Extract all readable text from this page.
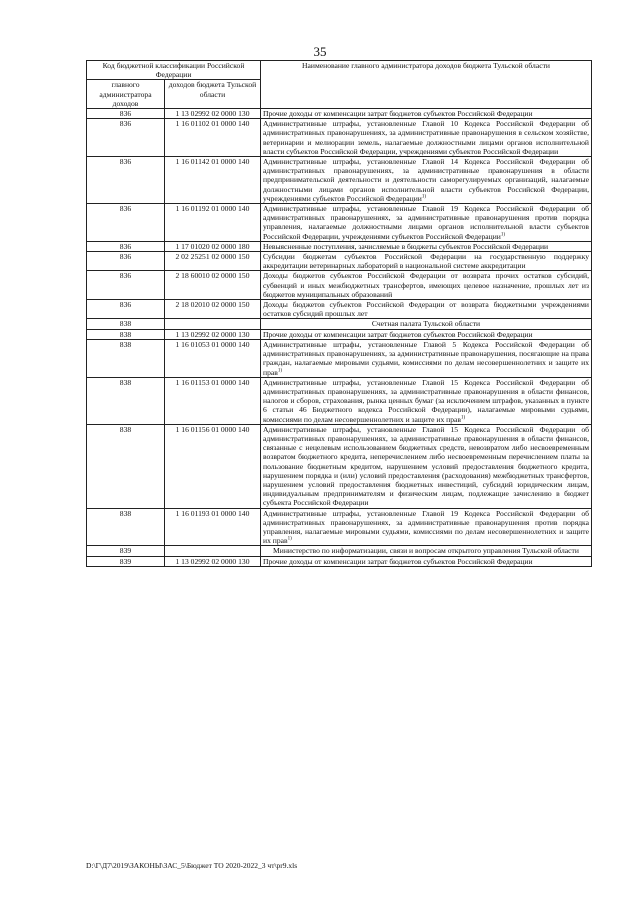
35
Код бюджетной классификации Российской Федерации		Наименование главного администратора доходов бюджета Тульской области
главного администратора доходов	доходов бюджета Тульской области	
836	1 13 02992 02 0000 130	Прочие доходы от компенсации затрат бюджетов субъектов Российской Федерации
836	1 16 01102 01 0000 140	Административные штрафы, установленные Главой 10 Кодекса Российской Федерации об административных правонарушениях, за административные правонарушения в сельском хозяйстве, ветеринарии и мелиорации земель, налагаемые должностными лицами органов исполнительной власти субъектов Российской Федерации, учреждениями субъектов Российской Федерации
836	1 16 01142 01 0000 140	Административные штрафы, установленные Главой 14 Кодекса Российской Федерации об административных правонарушениях, за административные правонарушения в области предпринимательской деятельности и деятельности саморегулируемых организаций, налагаемые должностными лицами органов исполнительной власти субъектов Российской Федерации, учреждениями субъектов Российской Федерации$^{1)}$
836	1 16 01192 01 0000 140	Административные штрафы, установленные Главой 19 Кодекса Российской Федерации об административных правонарушениях, за административные правонарушения против порядка управления, налагаемые должностными лицами органов исполнительной власти субъектов Российской Федерации, учреждениями субъектов Российской Федерации$^{1)}$
836	1 17 01020 02 0000 180	Невыясненные поступления, зачисляемые в бюджеты субъектов Российской Федерации
836	2 02 25251 02 0000 150	Субсидии бюджетам субъектов Российской Федерации на государственную поддержку аккредитации ветеринарных лабораторий в национальной системе аккредитации
836	2 18 60010 02 0000 150	Доходы бюджетов субъектов Российской Федерации от возврата прочих остатков субсидий, субвенций и иных межбюджетных трансфертов, имеющих целевое назначение, прошлых лет из бюджетов муниципальных образований
836	2 18 02010 02 0000 150	Доходы бюджетов субъектов Российской Федерации от возврата бюджетными учреждениями остатков субсидий прошлых лет
838		Счетная палата Тульской области
838	1 13 02992 02 0000 130	Прочие доходы от компенсации затрат бюджетов субъектов Российской Федерации
838	1 16 01053 01 0000 140	Административные штрафы, установленные Главой 5 Кодекса Российской Федерации об административных правонарушениях, за административные правонарушения, посягающие на права граждан, налагаемые мировыми судьями, комиссиями по делам несовершеннолетних и защите их прав$^{1)}$
838	1 16 01153 01 0000 140	Административные штрафы, установленные Главой 15 Кодекса Российской Федерации об административных правонарушениях, за административные правонарушения в области финансов, налогов и сборов, страхования, рынка ценных бумаг (за исключением штрафов, указанных в пункте 6 статьи 46 Бюджетного кодекса Российской Федерации), налагаемые мировыми судьями, комиссиями по делам несовершеннолетних и защите их прав$^{1)}$
838	1 16 01156 01 0000 140	Административные штрафы, установленные Главой 15 Кодекса Российской Федерации об административных правонарушениях, за административные правонарушения в области финансов, связанные с нецелевым использованием бюджетных средств, невозвратом либо несвоевременным возвратом бюджетного кредита, неперечислением либо несвоевременным перечислением платы за пользование бюджетным кредитом, нарушением условий предоставления бюджетного кредита, нарушением порядка и (или) условий предоставления (расходования) межбюджетных трансфертов, нарушением условий предоставления бюджетных инвестиций, субсидий юридическим лицам, индивидуальным предпринимателям и физическим лицам, подлежащие зачислению в бюджет субъекта Российской Федерации
838	1 16 01193 01 0000 140	Административные штрафы, установленные Главой 19 Кодекса Российской Федерации об административных правонарушениях, за административные правонарушения против порядка управления, налагаемые мировыми судьями, комиссиями по делам несовершеннолетних и защите их прав$^{1)}$
839		Министерство по информатизации, связи и вопросам открытого управления Тульской области
839	1 13 02992 02 0000 130	Прочие доходы от компенсации затрат бюджетов субъектов Российской Федерации
D:\Г\Д7\2019\ЗАКОНЫ\ЗАС_5\Бюджет ТО 2020-2022_3 чт\pr9.xls
